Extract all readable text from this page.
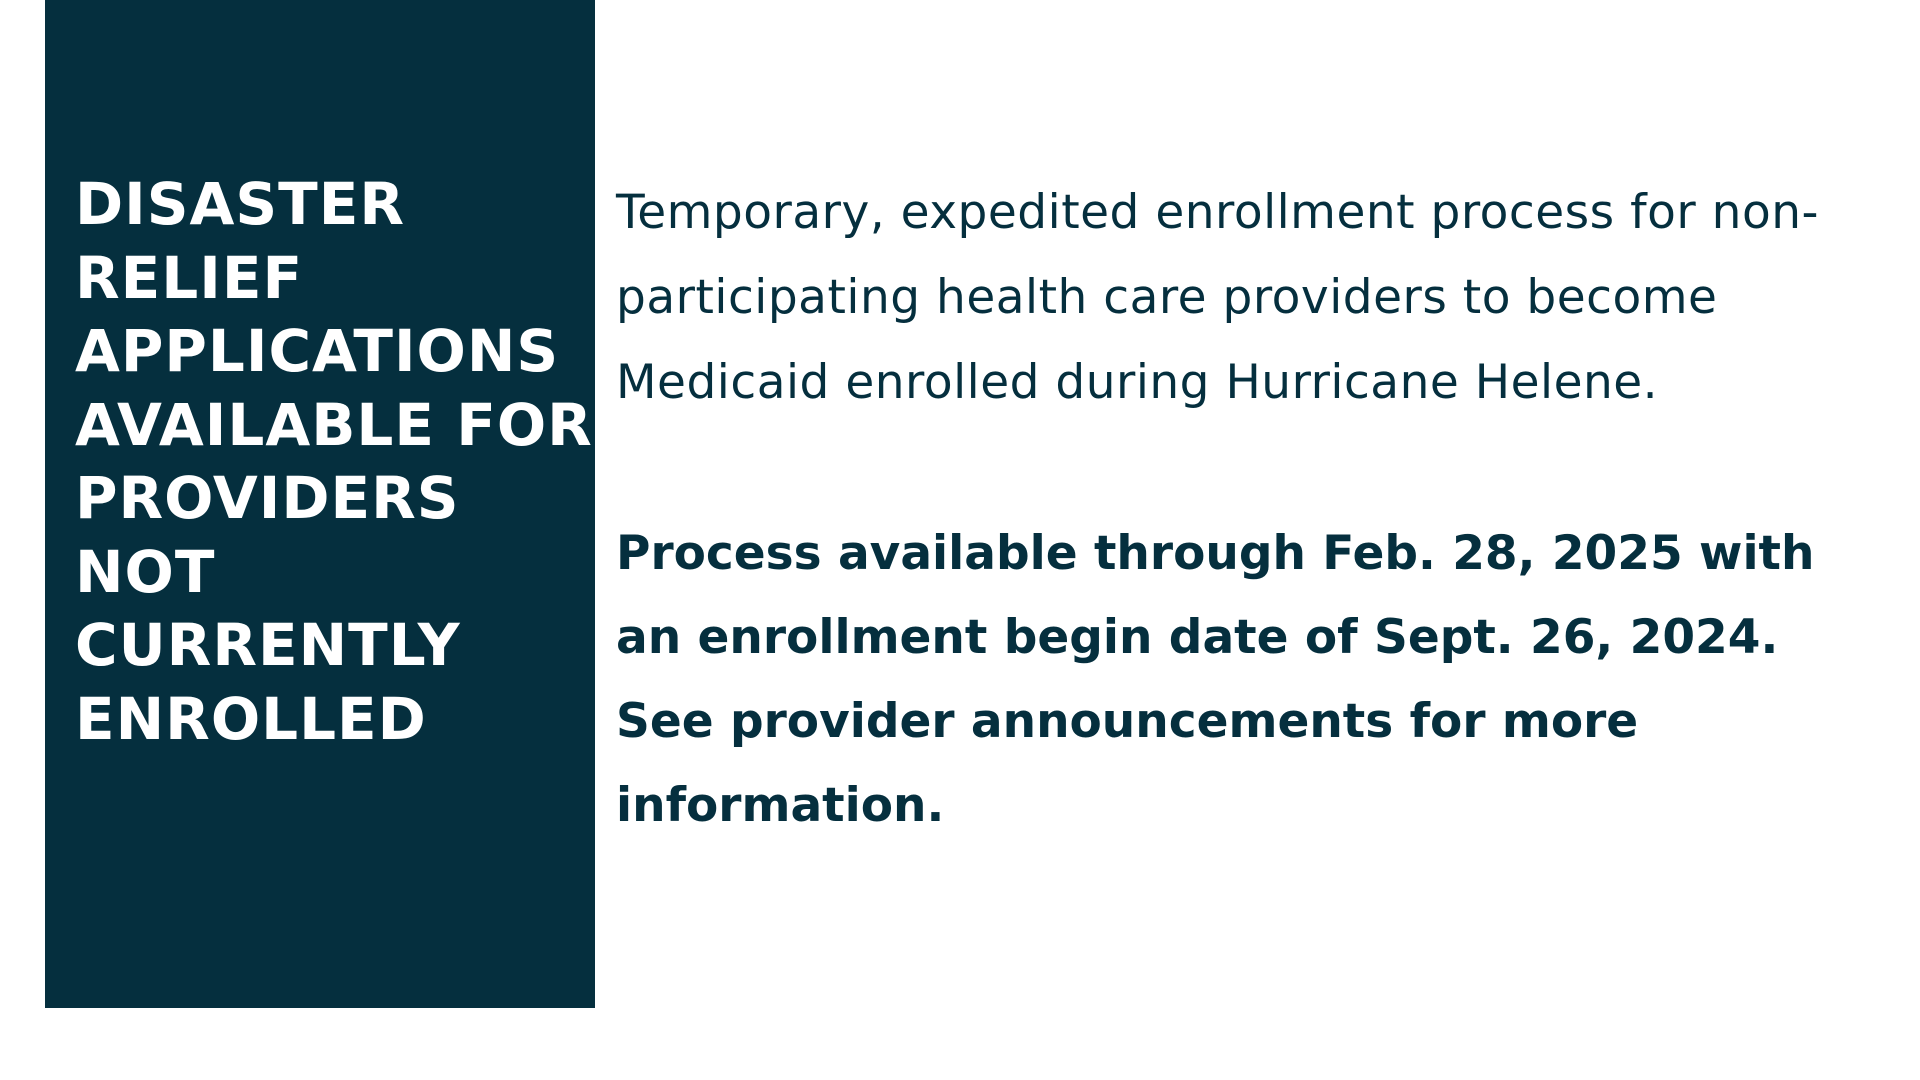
DISASTER
RELIEF
APPLICATIONS
AVAILABLE FOR
PROVIDERS
NOT
CURRENTLY
ENROLLED

Temporary, expedited enrollment process for non-
participating health care providers to become
Medicaid enrolled during Hurricane Helene.

Process available through Feb. 28, 2025 with
an enrollment begin date of Sept. 26, 2024.
See provider announcements for more
information.
